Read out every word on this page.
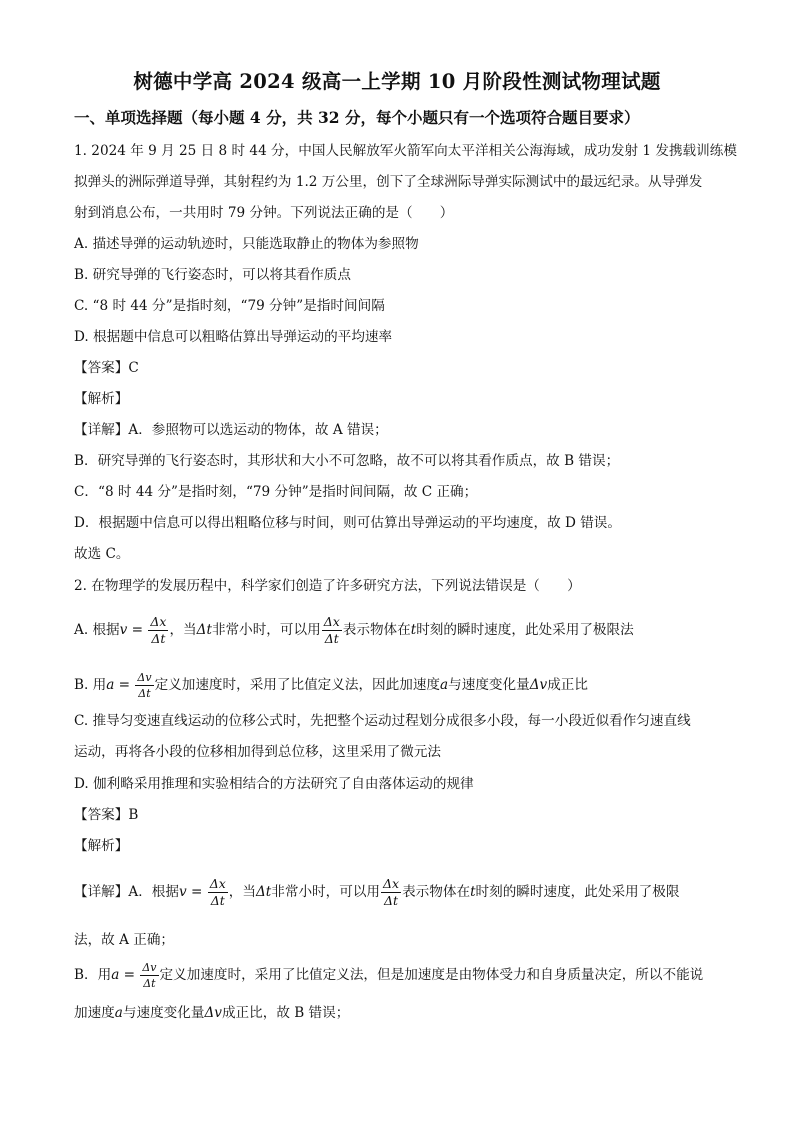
树德中学高 2024 级高一上学期 10 月阶段性测试物理试题
一、单项选择题（每小题 4 分，共 32 分，每个小题只有一个选项符合题目要求）
1. 2024 年 9 月 25 日 8 时 44 分，中国人民解放军火箭军向太平洋相关公海海域，成功发射 1 发携载训练模
拟弹头的洲际弹道导弹，其射程约为 1.2 万公里，创下了全球洲际导弹实际测试中的最远纪录。从导弹发
射到消息公布，一共用时 79 分钟。下列说法正确的是（　　）
A. 描述导弹的运动轨迹时，只能选取静止的物体为参照物
B. 研究导弹的飞行姿态时，可以将其看作质点
C. “8 时 44 分”是指时刻，“79 分钟”是指时间间隔
D. 根据题中信息可以粗略估算出导弹运动的平均速率
【答案】C
【解析】
【详解】A．参照物可以选运动的物体，故 A 错误；
B．研究导弹的飞行姿态时，其形状和大小不可忽略，故不可以将其看作质点，故 B 错误；
C．“8 时 44 分”是指时刻，“79 分钟”是指时间间隔，故 C 正确；
D．根据题中信息可以得出粗略位移与时间，则可估算出导弹运动的平均速度，故 D 错误。
故选 C。
2. 在物理学的发展历程中，科学家们创造了许多研究方法，下列说法错误是（　　）
A. 根据$v = \frac{\Delta x}{\Delta t}$ ，当Δt非常小时，可以用 $\frac{\Delta x}{\Delta t}$ 表示物体在t时刻的瞬时速度，此处采用了极限法
B. 用$a = \frac{\Delta v}{\Delta t}$ 定义加速度时，采用了比值定义法，因此加速度a与速度变化量Δv成正比
C. 推导匀变速直线运动的位移公式时，先把整个运动过程划分成很多小段，每一小段近似看作匀速直线
运动，再将各小段的位移相加得到总位移，这里采用了微元法
D. 伽利略采用推理和实验相结合的方法研究了自由落体运动的规律
【答案】B
【解析】
【详解】A．根据$v = \frac{\Delta x}{\Delta t}$ ，当Δt非常小时，可以用 $\frac{\Delta x}{\Delta t}$ 表示物体在t时刻的瞬时速度，此处采用了极限
法，故 A 正确；
B．用$a = \frac{\Delta v}{\Delta t}$ 定义加速度时，采用了比值定义法，但是加速度是由物体受力和自身质量决定，所以不能说
加速度a与速度变化量Δv成正比，故 B 错误；
